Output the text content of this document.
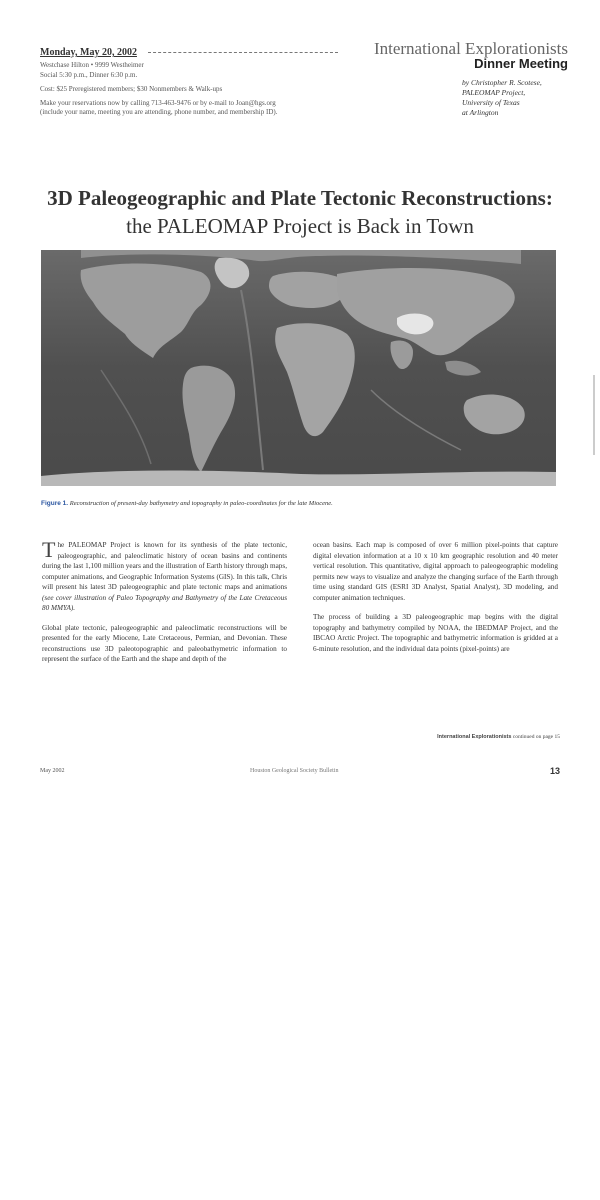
Monday, May 20, 2002
Westchase Hilton • 9999 Westheimer
Social 5:30 p.m., Dinner 6:30 p.m.
Cost: $25 Preregistered members; $30 Nonmembers & Walk-ups
Make your reservations now by calling 713-463-9476 or by e-mail to Joan@hgs.org (include your name, meeting you are attending, phone number, and membership ID).
International Explorationists
Dinner Meeting
by Christopher R. Scotese,
PALEOMAP Project,
University of Texas
at Arlington
3D Paleogeographic and Plate Tectonic Reconstructions:
the PALEOMAP Project is Back in Town
Figure 1. Reconstruction of present-day bathymetry and topography in paleo-coordinates for the late Miocene.

The PALEOMAP Project is known for its synthesis of the plate tectonic, paleogeographic, and paleoclimatic history of ocean basins and continents during the last 1,100 million years and the illustration of Earth history through maps, computer animations, and Geographic Information Systems (GIS). In this talk, Chris will present his latest 3D paleogeographic and plate tectonic maps and animations (see cover illustration of Paleo Topography and Bathymetry of the Late Cretaceous 80 MMYA).

Global plate tectonic, paleogeographic and paleoclimatic reconstructions will be presented for the early Miocene, Late Cretaceous, Permian, and Devonian. These reconstructions use 3D paleotopographic and paleobathymetric information to represent the surface of the Earth and the shape and depth of the

ocean basins. Each map is composed of over 6 million pixel-points that capture digital elevation information at a 10 x 10 km geographic resolution and 40 meter vertical resolution. This quantitative, digital approach to paleogeographic modeling permits new ways to visualize and analyze the changing surface of the Earth through time using standard GIS (ESRI 3D Analyst, Spatial Analyst), 3D modeling, and computer animation techniques.

The process of building a 3D paleogeographic map begins with the digital topography and bathymetry compiled by NOAA, the IBEDMAP Project, and the IBCAO Arctic Project. The topographic and bathymetric information is gridded at a 6-minute resolution, and the individual data points (pixel-points) are

International Explorationists continued on page 15
May 2002	Houston Geological Society Bulletin	13
